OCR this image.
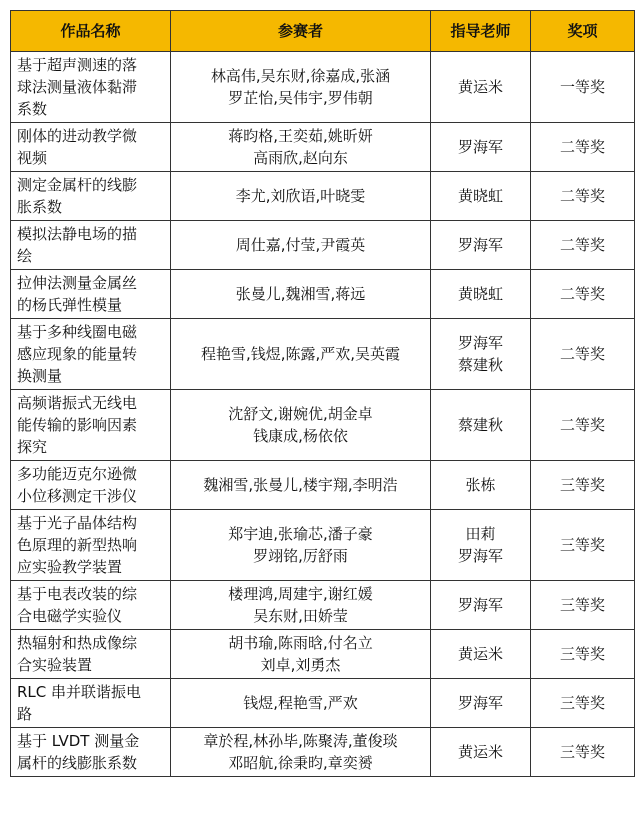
作品名称	参赛者	指导老师	奖项

基于超声测速的落
球法测量液体黏滞
系数	林高伟,吴东财,徐嘉成,张涵
罗芷怡,吴伟宇,罗伟朝	黄运米	一等奖

刚体的进动教学微
视频	蒋昀格,王奕茹,姚昕妍
高雨欣,赵向东	罗海军	二等奖

测定金属杆的线膨
胀系数	李尤,刘欣语,叶晓雯	黄晓虹	二等奖

模拟法静电场的描
绘	周仕嘉,付莹,尹霞英	罗海军	二等奖

拉伸法测量金属丝
的杨氏弹性模量	张曼儿,魏湘雪,蒋远	黄晓虹	二等奖

基于多种线圈电磁
感应现象的能量转
换测量	程艳雪,钱煜,陈露,严欢,吴英霞	罗海军
蔡建秋	二等奖

高频谐振式无线电
能传输的影响因素
探究	沈舒文,谢婉优,胡金卓
钱康成,杨依依	蔡建秋	二等奖

多功能迈克尔逊微
小位移测定干涉仪	魏湘雪,张曼儿,楼宇翔,李明浩	张栋	三等奖

基于光子晶体结构
色原理的新型热响
应实验教学装置	郑宇迪,张瑜芯,潘子豪
罗翊铭,厉舒雨	田莉
罗海军	三等奖

基于电表改装的综
合电磁学实验仪	楼理鸿,周建宇,谢红媛
吴东财,田娇莹	罗海军	三等奖

热辐射和热成像综
合实验装置	胡书瑜,陈雨晗,付名立
刘卓,刘勇杰	黄运米	三等奖

RLC 串并联谐振电
路	钱煜,程艳雪,严欢	罗海军	三等奖

基于 LVDT 测量金
属杆的线膨胀系数	章於程,林孙毕,陈聚涛,董俊琰
邓昭航,徐秉昀,章奕赟	黄运米	三等奖
